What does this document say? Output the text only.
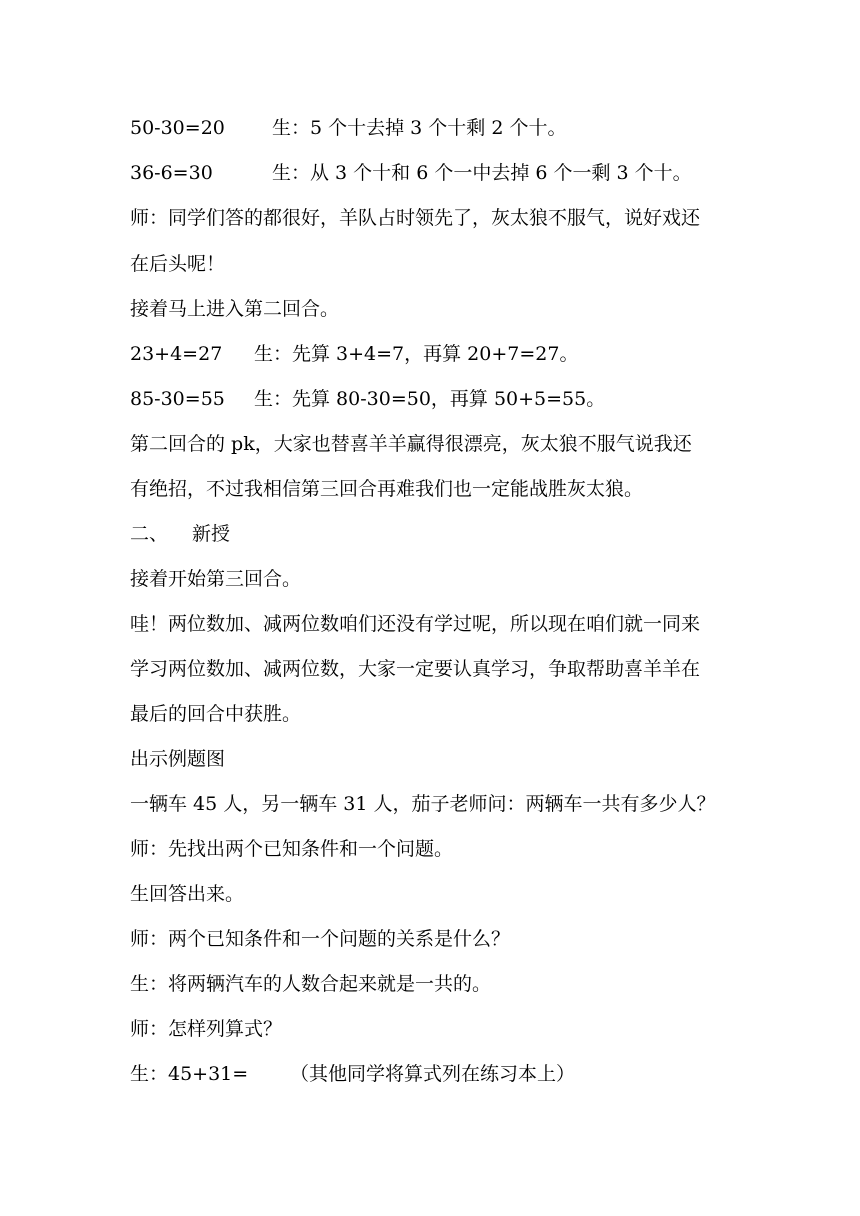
50-30=20 生：5 个十去掉 3 个十剩 2 个十。
36-6=30	生：从 3 个十和 6 个一中去掉 6 个一剩 3 个十。
师：同学们答的都很好，羊队占时领先了，灰太狼不服气，说好戏还
在后头呢！
接着马上进入第二回合。
23+4=27 生：先算 3+4=7，再算 20+7=27。
85-30=55 生：先算 80-30=50，再算 50+5=55。
第二回合的 pk，大家也替喜羊羊赢得很漂亮，灰太狼不服气说我还
有绝招，不过我相信第三回合再难我们也一定能战胜灰太狼。
二、 新授
接着开始第三回合。
哇！两位数加、减两位数咱们还没有学过呢，所以现在咱们就一同来
学习两位数加、减两位数，大家一定要认真学习，争取帮助喜羊羊在
最后的回合中获胜。
出示例题图
一辆车 45 人，另一辆车 31 人，茄子老师问：两辆车一共有多少人？
师：先找出两个已知条件和一个问题。
生回答出来。
师：两个已知条件和一个问题的关系是什么？
生：将两辆汽车的人数合起来就是一共的。
师：怎样列算式？
生：45+31= （其他同学将算式列在练习本上）
